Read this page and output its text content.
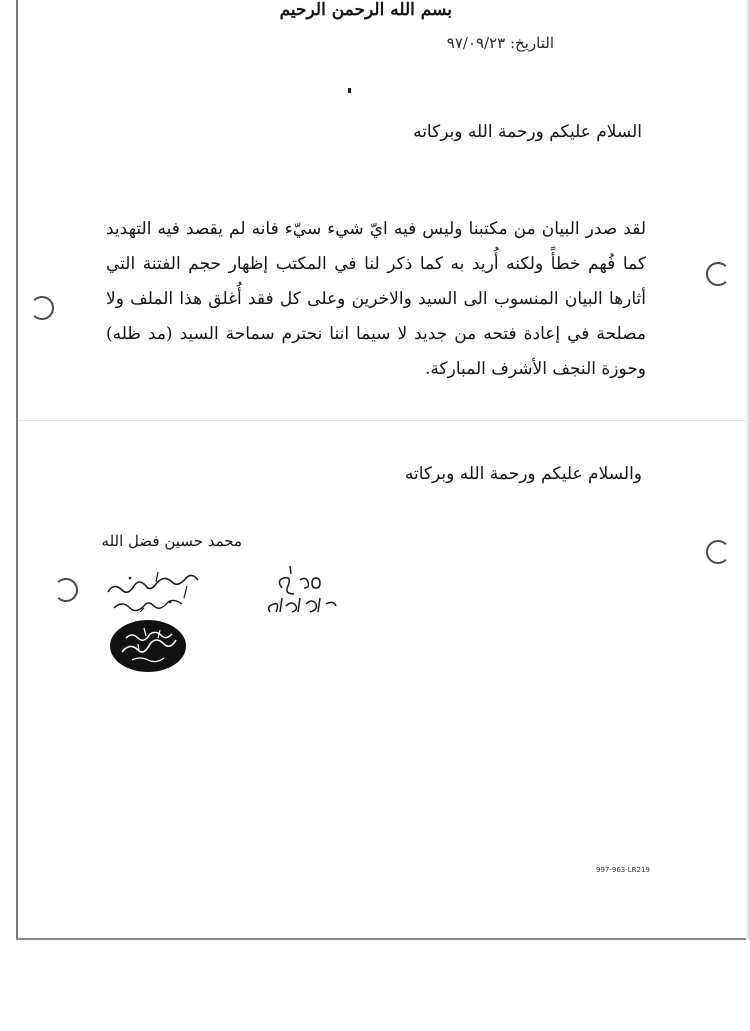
بسم الله الرحمن الرحيم
التاريخ: ٩٧/٠٩/٢٣
السلام عليكم ورحمة الله وبركاته
لقد صدر البيان من مكتبنا وليس فيه ايّ شيء سيّء فانه لم يقصد فيه التهديد
كما فُهم خطأً ولكنه أُريد به كما ذكر لنا في المكتب إظهار حجم الفتنة التي
أثارها البيان المنسوب الى السيد والاخرين وعلى كل فقد أُغلق هذا الملف ولا
مصلحة في إعادة فتحه من جديد لا سيما اننا نحترم سماحة السيد (مد ظله)
وحوزة النجف الأشرف المباركة.
والسلام عليكم ورحمة الله وبركاته
محمد حسين فضل الله
997-963-LR219
